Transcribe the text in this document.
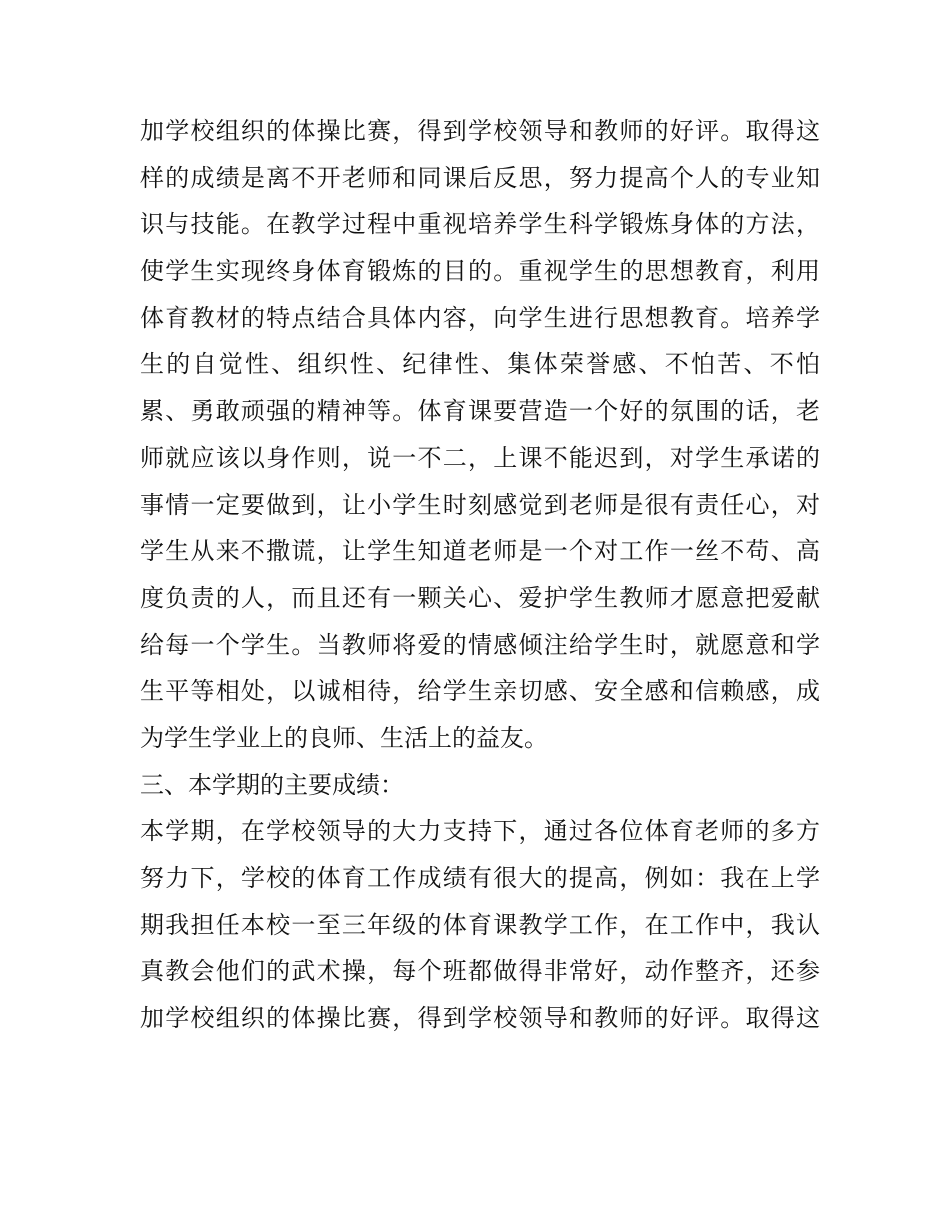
加学校组织的体操比赛，得到学校领导和教师的好评。取得这
样的成绩是离不开老师和同课后反思，努力提高个人的专业知
识与技能。在教学过程中重视培养学生科学锻炼身体的方法，
使学生实现终身体育锻炼的目的。重视学生的思想教育，利用
体育教材的特点结合具体内容，向学生进行思想教育。培养学
生的自觉性、组织性、纪律性、集体荣誉感、不怕苦、不怕
累、勇敢顽强的精神等。体育课要营造一个好的氛围的话，老
师就应该以身作则，说一不二，上课不能迟到，对学生承诺的
事情一定要做到，让小学生时刻感觉到老师是很有责任心，对
学生从来不撒谎，让学生知道老师是一个对工作一丝不苟、高
度负责的人，而且还有一颗关心、爱护学生教师才愿意把爱献
给每一个学生。当教师将爱的情感倾注给学生时，就愿意和学
生平等相处，以诚相待，给学生亲切感、安全感和信赖感，成
为学生学业上的良师、生活上的益友。
三、本学期的主要成绩：
本学期，在学校领导的大力支持下，通过各位体育老师的多方
努力下，学校的体育工作成绩有很大的提高，例如：我在上学
期我担任本校一至三年级的体育课教学工作，在工作中，我认
真教会他们的武术操，每个班都做得非常好，动作整齐，还参
加学校组织的体操比赛，得到学校领导和教师的好评。取得这
